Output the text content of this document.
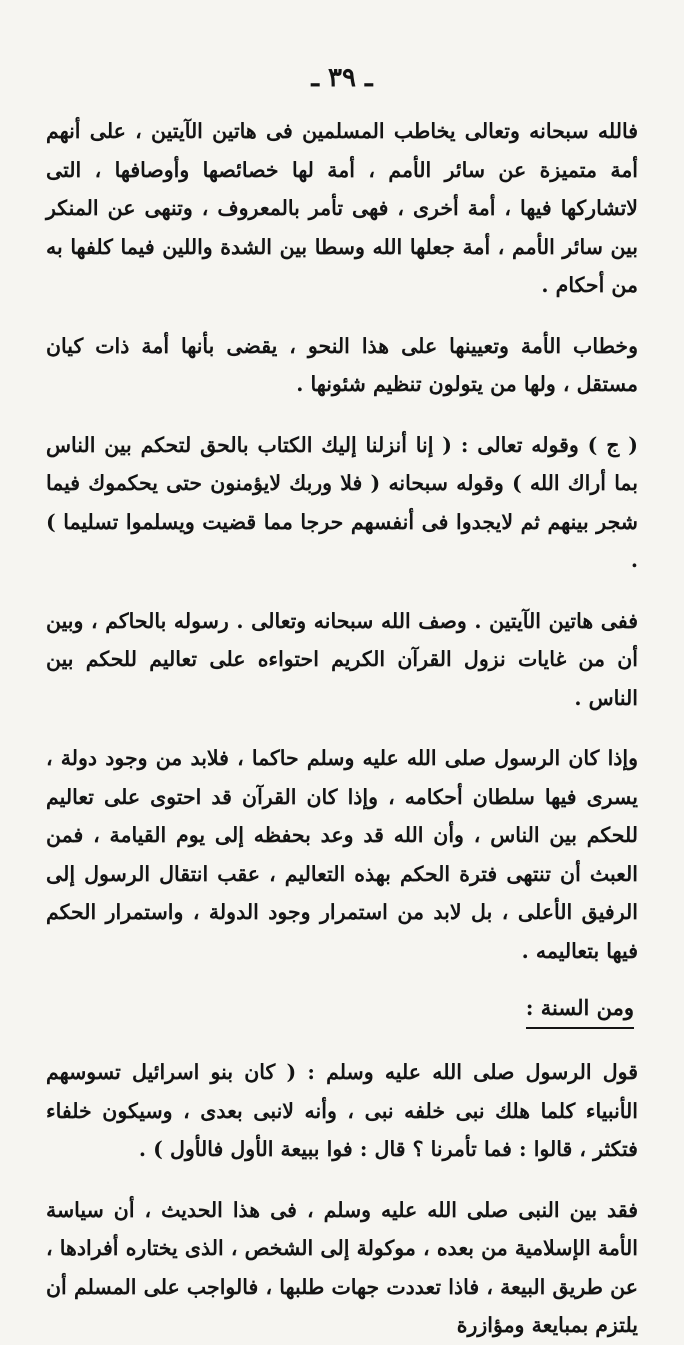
ـ ٣٩ ـ

فالله سبحانه وتعالى يخاطب المسلمين فى هاتين الآيتين ، على أنهم أمة متميزة عن سائر الأمم ، أمة لها خصائصها وأوصافها ، التى لاتشاركها فيها ، أمة أخرى ، فهى تأمر بالمعروف ، وتنهى عن المنكر بين سائر الأمم ، أمة جعلها الله وسطا بين الشدة واللين فيما كلفها به من أحكام .

وخطاب الأمة وتعيينها على هذا النحو ، يقضى بأنها أمة ذات كيان مستقل ، ولها من يتولون تنظيم شئونها .

( ج ) وقوله تعالى : ( إنا أنزلنا إليك الكتاب بالحق لتحكم بين الناس بما أراك الله ) وقوله سبحانه ( فلا وربك لايؤمنون حتى يحكموك فيما شجر بينهم ثم لايجدوا فى أنفسهم حرجا مما قضيت ويسلموا تسليما ) .

ففى هاتين الآيتين . وصف الله سبحانه وتعالى . رسوله بالحاكم ، وبين أن من غايات نزول القرآن الكريم احتواءه على تعاليم للحكم بين الناس .

وإذا كان الرسول صلى الله عليه وسلم حاكما ، فلابد من وجود دولة ، يسرى فيها سلطان أحكامه ، وإذا كان القرآن قد احتوى على تعاليم للحكم بين الناس ، وأن الله قد وعد بحفظه إلى يوم القيامة ، فمن العبث أن تنتهى فترة الحكم بهذه التعاليم ، عقب انتقال الرسول إلى الرفيق الأعلى ، بل لابد من استمرار وجود الدولة ، واستمرار الحكم فيها بتعاليمه .

ومن السنة :

قول الرسول صلى الله عليه وسلم : ( كان بنو اسرائيل تسوسهم الأنبياء كلما هلك نبى خلفه نبى ، وأنه لانبى بعدى ، وسيكون خلفاء فتكثر ، قالوا : فما تأمرنا ؟ قال : فوا ببيعة الأول فالأول ) .

فقد بين النبى صلى الله عليه وسلم ، فى هذا الحديث ، أن سياسة الأمة الإسلامية من بعده ، موكولة إلى الشخص ، الذى يختاره أفرادها ، عن طريق البيعة ، فاذا تعددت جهات طلبها ، فالواجب على المسلم أن يلتزم بمبايعة ومؤازرة
